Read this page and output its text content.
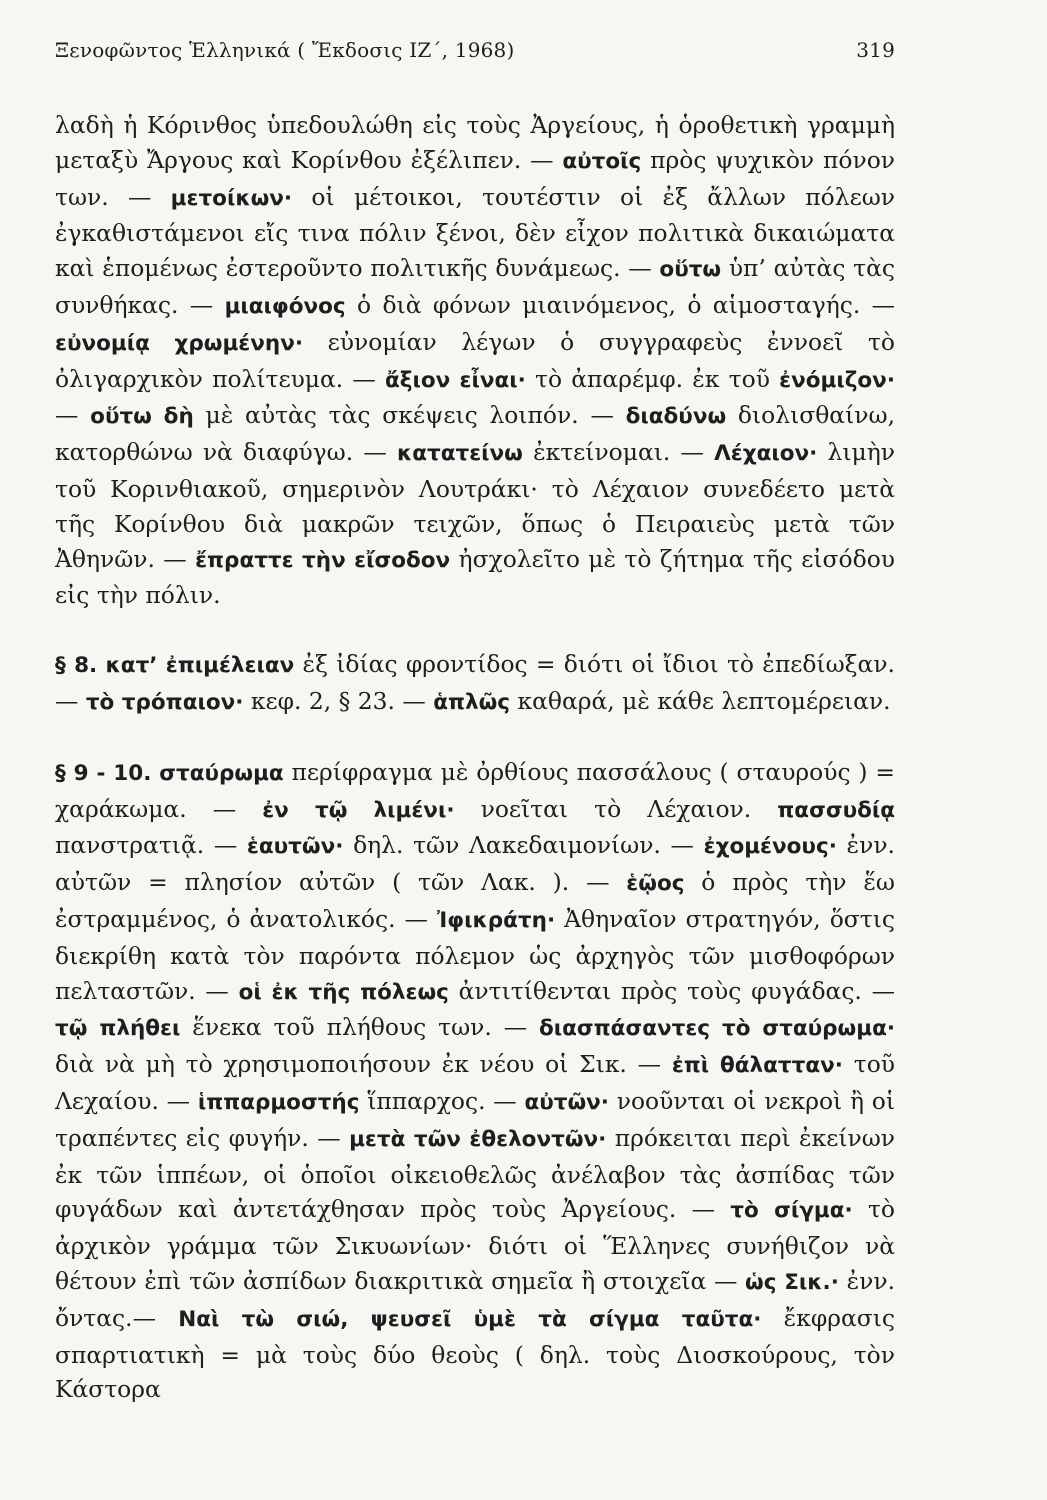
Ξενοφῶντος Ἑλληνικά ( Ἔκδοσις ΙΖ΄, 1968)	319

λαδὴ ἡ Κόρινθος ὑπεδουλώθη εἰς τοὺς Ἀργείους, ἡ ὁροθετικὴ γραμμὴ μεταξὺ Ἄργους καὶ Κορίνθου ἐξέλιπεν. — αὐτοῖς πρὸς ψυχικὸν πόνον των. — μετοίκων· οἱ μέτοικοι, τουτέστιν οἱ ἐξ ἄλλων πόλεων ἐγκαθιστάμενοι εἴς τινα πόλιν ξένοι, δὲν εἶχον πολιτικὰ δικαιώματα καὶ ἑπομένως ἐστεροῦντο πολιτικῆς δυνάμεως. — οὕτω ὑπ’ αὐτὰς τὰς συνθήκας. — μιαιφόνος ὁ διὰ φόνων μιαινόμενος, ὁ αἱμοσταγής. — εὐνομίᾳ χρωμένην· εὐνομίαν λέγων ὁ συγγραφεὺς ἐννοεῖ τὸ ὀλιγαρχικὸν πολίτευμα. — ἄξιον εἶναι· τὸ ἀπαρέμφ. ἐκ τοῦ ἐνόμιζον· — οὕτω δὴ μὲ αὐτὰς τὰς σκέψεις λοιπόν. — διαδύνω διολισθαίνω, κατορθώνω νὰ διαφύγω. — κατατείνω ἐκτείνομαι. — Λέχαιον· λιμὴν τοῦ Κορινθιακοῦ, σημερινὸν Λουτράκι· τὸ Λέχαιον συνεδέετο μετὰ τῆς Κορίνθου διὰ μακρῶν τειχῶν, ὅπως ὁ Πειραιεὺς μετὰ τῶν Ἀθηνῶν. — ἔπραττε τὴν εἴσοδον ἠσχολεῖτο μὲ τὸ ζήτημα τῆς εἰσόδου εἰς τὴν πόλιν.

§ 8. κατ’ ἐπιμέλειαν ἐξ ἰδίας φροντίδος = διότι οἱ ἴδιοι τὸ ἐπεδίωξαν. — τὸ τρόπαιον· κεφ. 2, § 23. — ἁπλῶς καθαρά, μὲ κάθε λεπτομέρειαν.

§ 9 - 10. σταύρωμα περίφραγμα μὲ ὀρθίους πασσάλους ( σταυρούς ) = χαράκωμα. — ἐν τῷ λιμένι· νοεῖται τὸ Λέχαιον. πασσυδίᾳ πανστρατιᾷ. — ἑαυτῶν· δηλ. τῶν Λακεδαιμονίων. — ἐχομένους· ἐνν. αὐτῶν = πλησίον αὐτῶν ( τῶν Λακ. ). — ἑῷος ὁ πρὸς τὴν ἕω ἐστραμμένος, ὁ ἀνατολικός. — Ἰφικράτη· Ἀθηναῖον στρατηγόν, ὅστις διεκρίθη κατὰ τὸν παρόντα πόλεμον ὡς ἀρχηγὸς τῶν μισθοφόρων πελταστῶν. — οἱ ἐκ τῆς πόλεως ἀντιτίθενται πρὸς τοὺς φυγάδας. — τῷ πλήθει ἕνεκα τοῦ πλήθους των. — διασπάσαντες τὸ σταύρωμα· διὰ νὰ μὴ τὸ χρησιμοποιήσουν ἐκ νέου οἱ Σικ. — ἐπὶ θάλατταν· τοῦ Λεχαίου. — ἱππαρμοστής ἵππαρχος. — αὐτῶν· νοοῦνται οἱ νεκροὶ ἢ οἱ τραπέντες εἰς φυγήν. — μετὰ τῶν ἐθελοντῶν· πρόκειται περὶ ἐκείνων ἐκ τῶν ἱππέων, οἱ ὁποῖοι οἰκειοθελῶς ἀνέλαβον τὰς ἀσπίδας τῶν φυγάδων καὶ ἀντετάχθησαν πρὸς τοὺς Ἀργείους. — τὸ σίγμα· τὸ ἀρχικὸν γράμμα τῶν Σικυωνίων· διότι οἱ Ἕλληνες συνήθιζον νὰ θέτουν ἐπὶ τῶν ἀσπίδων διακριτικὰ σημεῖα ἢ στοιχεῖα — ὡς Σικ.· ἐνν. ὄντας.— Ναὶ τὼ σιώ, ψευσεῖ ὑμὲ τὰ σίγμα ταῦτα· ἔκφρασις σπαρτιατικὴ = μὰ τοὺς δύο θεοὺς ( δηλ. τοὺς Διοσκούρους, τὸν Κάστορα
